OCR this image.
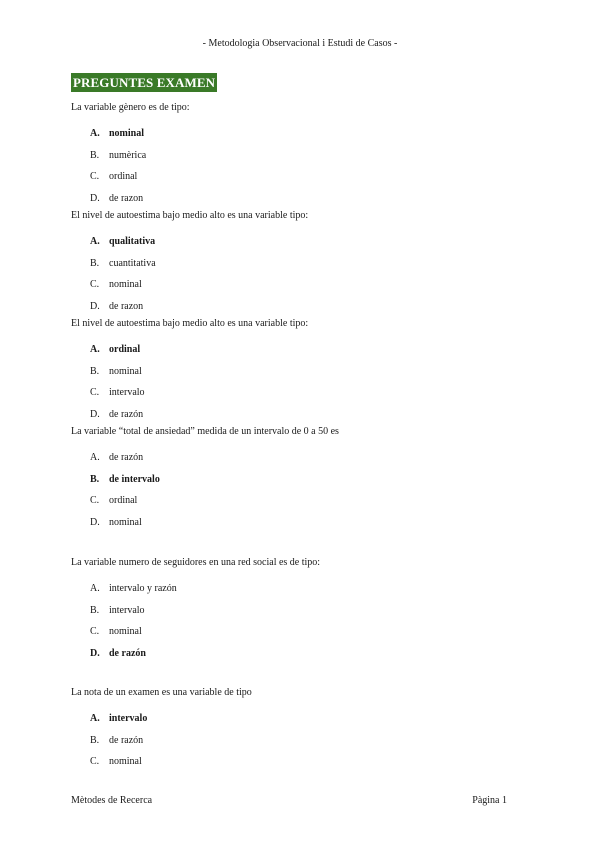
- Metodologia Observacional i Estudi de Casos -
PREGUNTES EXAMEN
La variable gènero es de tipo:
A. nominal
B. numèrica
C. ordinal
D. de razon
El nivel de autoestima bajo medio alto es una variable tipo:
A. qualitativa
B. cuantitativa
C. nominal
D. de razon
El nivel de autoestima bajo medio alto es una variable tipo:
A. ordinal
B. nominal
C. intervalo
D. de razón
La variable “total de ansiedad” medida de un intervalo de 0 a 50 es
A. de razón
B. de intervalo
C. ordinal
D. nominal
La variable numero de seguidores en una red social es de tipo:
A. intervalo y razón
B. intervalo
C. nominal
D. de razón
La nota de un examen es una variable de tipo
A. intervalo
B. de razón
C. nominal
Mètodes de Recerca	Pàgina 1
